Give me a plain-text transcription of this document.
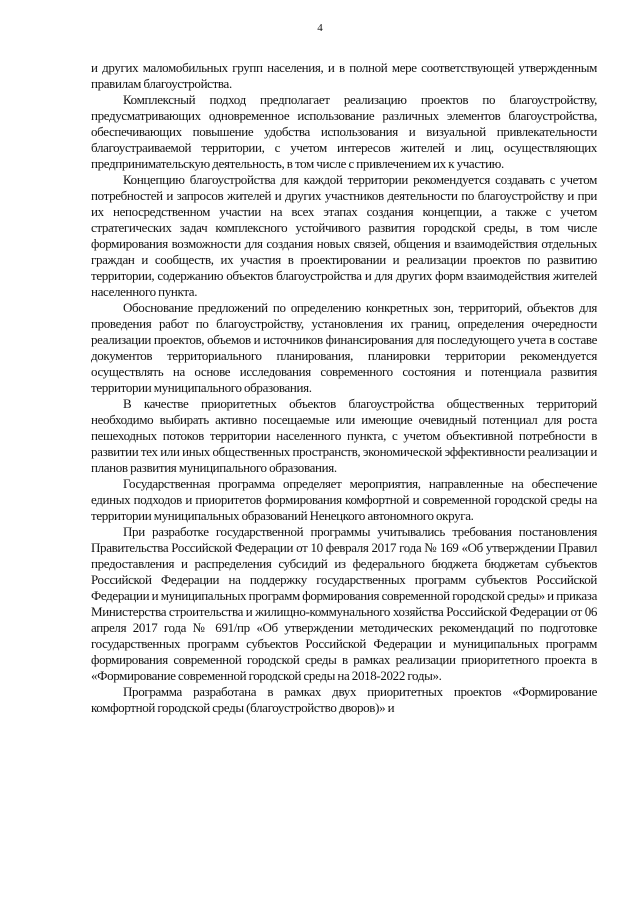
4

и других маломобильных групп населения, и в полной мере соответствующей утвержденным правилам благоустройства.

Комплексный подход предполагает реализацию проектов по благоустройству, предусматривающих одновременное использование различных элементов благоустройства, обеспечивающих повышение удобства использования и визуальной привлекательности благоустраиваемой территории, с учетом интересов жителей и лиц, осуществляющих предпринимательскую деятельность, в том числе с привлечением их к участию.

Концепцию благоустройства для каждой территории рекомендуется создавать с учетом потребностей и запросов жителей и других участников деятельности по благоустройству и при их непосредственном участии на всех этапах создания концепции, а также с учетом стратегических задач комплексного устойчивого развития городской среды, в том числе формирования возможности для создания новых связей, общения и взаимодействия отдельных граждан и сообществ, их участия в проектировании и реализации проектов по развитию территории, содержанию объектов благоустройства и для других форм взаимодействия жителей населенного пункта.

Обоснование предложений по определению конкретных зон, территорий, объектов для проведения работ по благоустройству, установления их границ, определения очередности реализации проектов, объемов и источников финансирования для последующего учета в составе документов территориального планирования, планировки территории рекомендуется осуществлять на основе исследования современного состояния и потенциала развития территории муниципального образования.

В качестве приоритетных объектов благоустройства общественных территорий необходимо выбирать активно посещаемые или имеющие очевидный потенциал для роста пешеходных потоков территории населенного пункта, с учетом объективной потребности в развитии тех или иных общественных пространств, экономической эффективности реализации и планов развития муниципального образования.

Государственная программа определяет мероприятия, направленные на обеспечение единых подходов и приоритетов формирования комфортной и современной городской среды на территории муниципальных образований Ненецкого автономного округа.

При разработке государственной программы учитывались требования постановления Правительства Российской Федерации от 10 февраля 2017 года № 169 «Об утверждении Правил предоставления и распределения субсидий из федерального бюджета бюджетам субъектов Российской Федерации на поддержку государственных программ субъектов Российской Федерации и муниципальных программ формирования современной городской среды» и приказа Министерства строительства и жилищно-коммунального хозяйства Российской Федерации от 06 апреля 2017 года № 691/пр «Об утверждении методических рекомендаций по подготовке государственных программ субъектов Российской Федерации и муниципальных программ формирования современной городской среды в рамках реализации приоритетного проекта в «Формирование современной городской среды на 2018-2022 годы».

Программа разработана в рамках двух приоритетных проектов «Формирование комфортной городской среды (благоустройство дворов)» и
